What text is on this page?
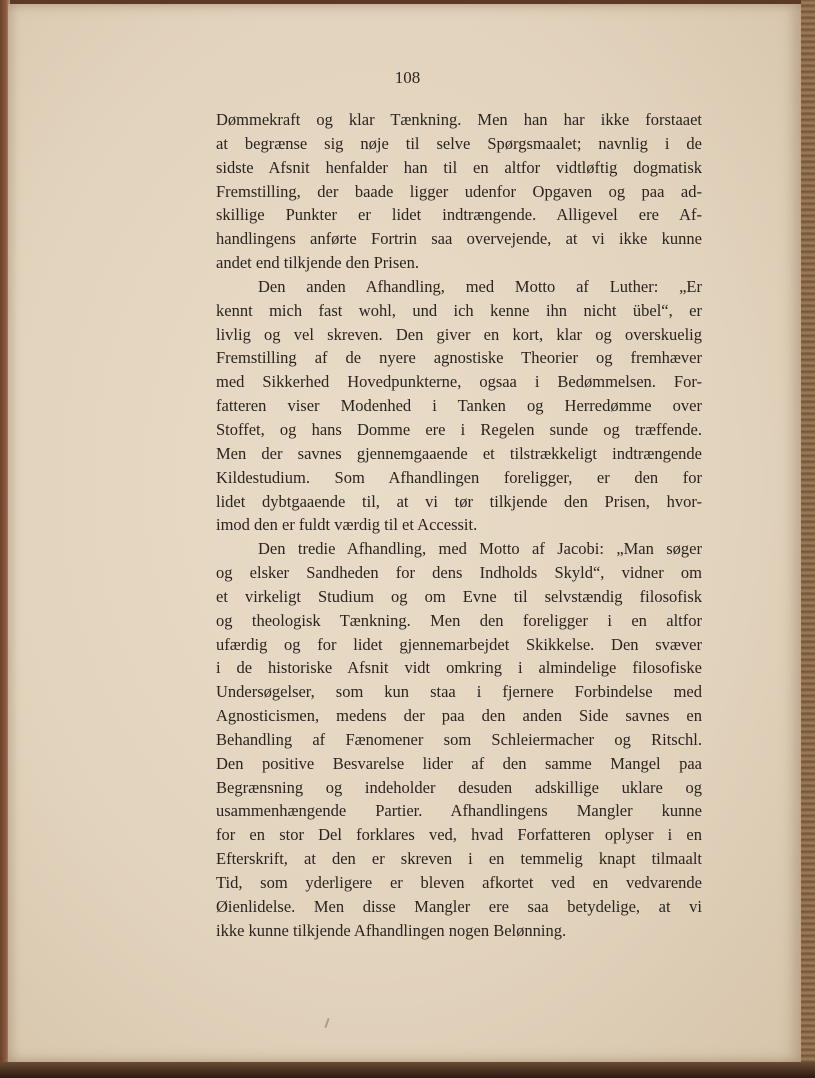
108
Dømmekraft og klar Tænkning. Men han har ikke forstaaet
at begrænse sig nøje til selve Spørgsmaalet; navnlig i de
sidste Afsnit henfalder han til en altfor vidtløftig dogmatisk
Fremstilling, der baade ligger udenfor Opgaven og paa ad-
skillige Punkter er lidet indtrængende. Alligevel ere Af-
handlingens anførte Fortrin saa overvejende, at vi ikke kunne
andet end tilkjende den Prisen.
Den anden Afhandling, med Motto af Luther: „Er
kennt mich fast wohl, und ich kenne ihn nicht übel“, er
livlig og vel skreven. Den giver en kort, klar og overskuelig
Fremstilling af de nyere agnostiske Theorier og fremhæver
med Sikkerhed Hovedpunkterne, ogsaa i Bedømmelsen. For-
fatteren viser Modenhed i Tanken og Herredømme over
Stoffet, og hans Domme ere i Regelen sunde og træffende.
Men der savnes gjennemgaaende et tilstrækkeligt indtrængende
Kildestudium. Som Afhandlingen foreligger, er den for
lidet dybtgaaende til, at vi tør tilkjende den Prisen, hvor-
imod den er fuldt værdig til et Accessit.
Den tredie Afhandling, med Motto af Jacobi: „Man søger
og elsker Sandheden for dens Indholds Skyld“, vidner om
et virkeligt Studium og om Evne til selvstændig filosofisk
og theologisk Tænkning. Men den foreligger i en altfor
ufærdig og for lidet gjennemarbejdet Skikkelse. Den svæver
i de historiske Afsnit vidt omkring i almindelige filosofiske
Undersøgelser, som kun staa i fjernere Forbindelse med
Agnosticismen, medens der paa den anden Side savnes en
Behandling af Fænomener som Schleiermacher og Ritschl.
Den positive Besvarelse lider af den samme Mangel paa
Begrænsning og indeholder desuden adskillige uklare og
usammenhængende Partier. Afhandlingens Mangler kunne
for en stor Del forklares ved, hvad Forfatteren oplyser i en
Efterskrift, at den er skreven i en temmelig knapt tilmaalt
Tid, som yderligere er bleven afkortet ved en vedvarende
Øienlidelse. Men disse Mangler ere saa betydelige, at vi
ikke kunne tilkjende Afhandlingen nogen Belønning.
